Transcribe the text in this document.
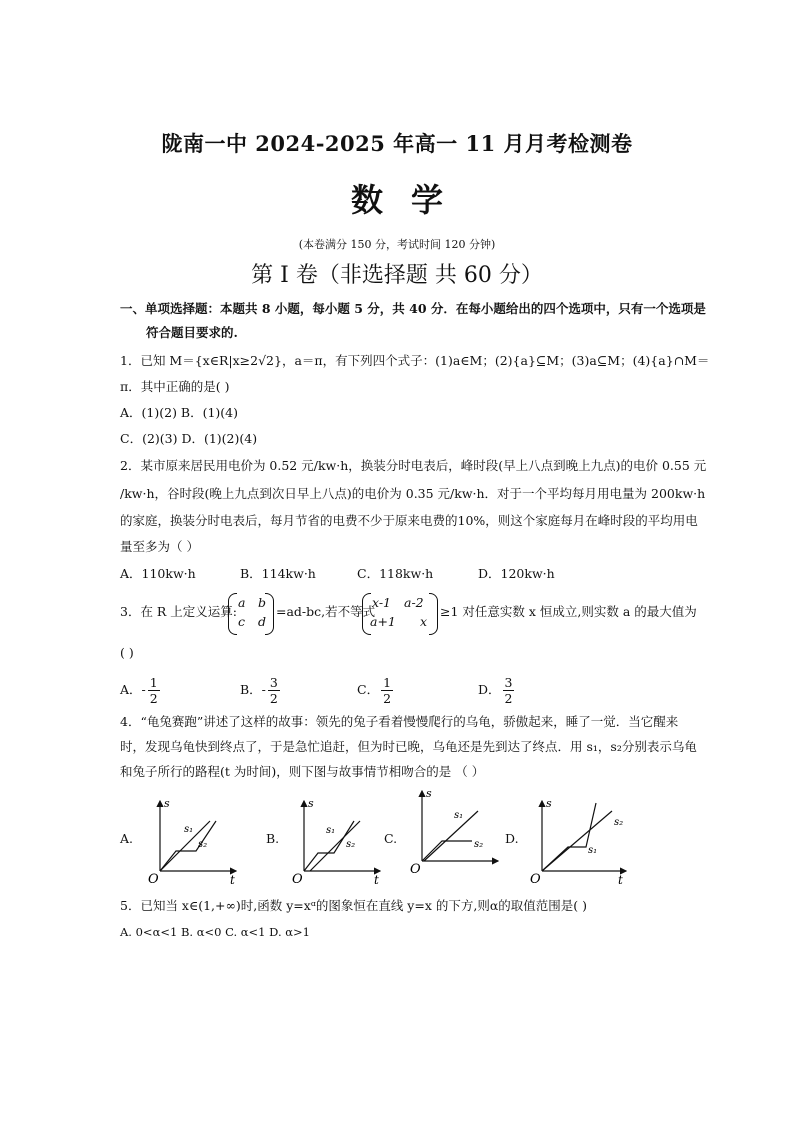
陇南一中 2024-2025 年高一 11 月月考检测卷
数学
(本卷满分 150 分，考试时间 120 分钟)
第 I 卷（非选择题 共 60 分）
一、单项选择题：本题共 8 小题，每小题 5 分，共 40 分．在每小题给出的四个选项中，只有一个选项是
符合题目要求的.
1．已知 M＝{x∈R|x≥2√2}，a＝π，有下列四个式子：(1)a∈M；(2){a}⊆M；(3)a⊆M；(4){a}∩M＝
π．其中正确的是( )
A．(1)(2) B．(1)(4)
C．(2)(3) D．(1)(2)(4)
2．某市原来居民用电价为 0.52 元/kw·h，换装分时电表后，峰时段(早上八点到晚上九点)的电价 0.55 元
/kw·h，谷时段(晚上九点到次日早上八点)的电价为 0.35 元/kw·h．对于一个平均每月用电量为 200kw·h
的家庭，换装分时电表后，每月节省的电费不少于原来电费的10%，则这个家庭每月在峰时段的平均用电
量至多为（ ）
A．110kw·h	B．114kw·h	C．118kw·h	D．120kw·h
3．在 R 上定义运算:
a b
c d
=ad-bc,若不等式
x-1 a-2
a+1 x
≥1 对任意实数 x 恒成立,则实数 a 的最大值为
( )
A．- $\frac{1}{2}$	B．- $\frac{3}{2}$	C． $\frac{1}{2}$	D． $\frac{3}{2}$
4．“龟兔赛跑”讲述了这样的故事：领先的兔子看着慢慢爬行的乌龟，骄傲起来，睡了一觉．当它醒来
时，发现乌龟快到终点了，于是急忙追赶，但为时已晚，乌龟还是先到达了终点．用 s₁，s₂分别表示乌龟
和兔子所行的路程(t 为时间)，则下图与故事情节相吻合的是 （ ）
A.
s
t
O
s₁
s₂	B.
s
t
O
s₁
s₂ C.
s
O
s₁
s₂ D.
s
t
O
s₁
s₂
5．已知当 x∈(1,+∞)时,函数 y=xᵅ的图象恒在直线 y=x 的下方,则α的取值范围是( )
A. 0<α<1 B. α<0 C. α<1 D. α>1
